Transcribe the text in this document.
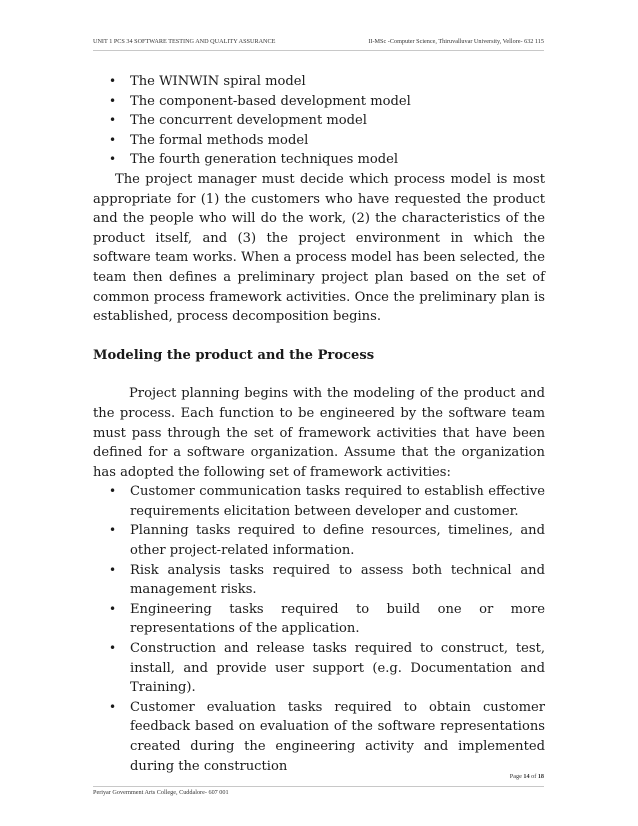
UNIT 1 PCS 34 SOFTWARE TESTING AND QUALITY ASSURANCE	II-MSc -Computer Science, Thiruvalluvar University, Vellore- 632 115
• The WINWIN spiral model
• The component-based development model
• The concurrent development model
• The formal methods model
• The fourth generation techniques model

The project manager must decide which process model is most appropriate for (1) the customers who have requested the product and the people who will do the work, (2) the characteristics of the product itself, and (3) the project environment in which the software team works. When a process model has been selected, the team then defines a preliminary project plan based on the set of common process framework activities. Once the preliminary plan is established, process decomposition begins.

Modeling the product and the Process

Project planning begins with the modeling of the product and the process. Each function to be engineered by the software team must pass through the set of framework activities that have been defined for a software organization. Assume that the organization has adopted the following set of framework activities:

• Customer communication tasks required to establish effective requirements elicitation between developer and customer.
• Planning tasks required to define resources, timelines, and other project-related information.
• Risk analysis tasks required to assess both technical and management risks.
• Engineering tasks required to build one or more representations of the application.
• Construction and release tasks required to construct, test, install, and provide user support (e.g. Documentation and Training).
• Customer evaluation tasks required to obtain customer feedback based on evaluation of the software representations created during the engineering activity and implemented during the construction
Page 14 of 18
Periyar Government Arts College, Cuddalore- 607 001
